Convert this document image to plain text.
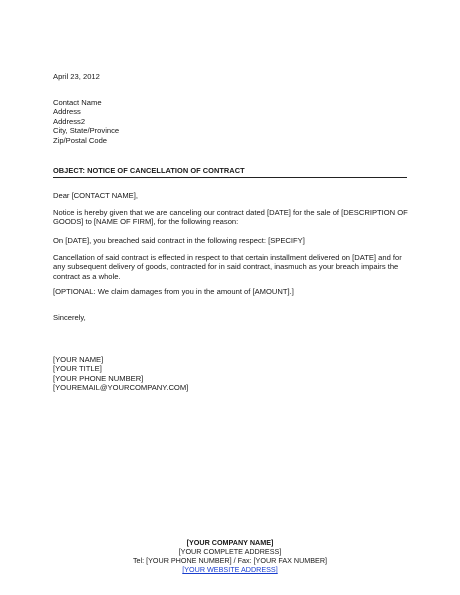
April 23, 2012
Contact Name
Address
Address2
City, State/Province
Zip/Postal Code
OBJECT: NOTICE OF CANCELLATION OF CONTRACT

Dear [CONTACT NAME],

Notice is hereby given that we are canceling our contract dated [DATE] for the sale of [DESCRIPTION OF GOODS] to [NAME OF FIRM], for the following reason:

On [DATE], you breached said contract in the following respect: [SPECIFY]

Cancellation of said contract is effected in respect to that certain installment delivered on [DATE] and for any subsequent delivery of goods, contracted for in said contract, inasmuch as your breach impairs the contract as a whole.

[OPTIONAL: We claim damages from you in the amount of [AMOUNT].]

Sincerely,

[YOUR NAME]
[YOUR TITLE]
[YOUR PHONE NUMBER]
[YOUREMAIL@YOURCOMPANY.COM]
[YOUR COMPANY NAME]
[YOUR COMPLETE ADDRESS]
Tel: [YOUR PHONE NUMBER] / Fax: [YOUR FAX NUMBER]
[YOUR WEBSITE ADDRESS]
